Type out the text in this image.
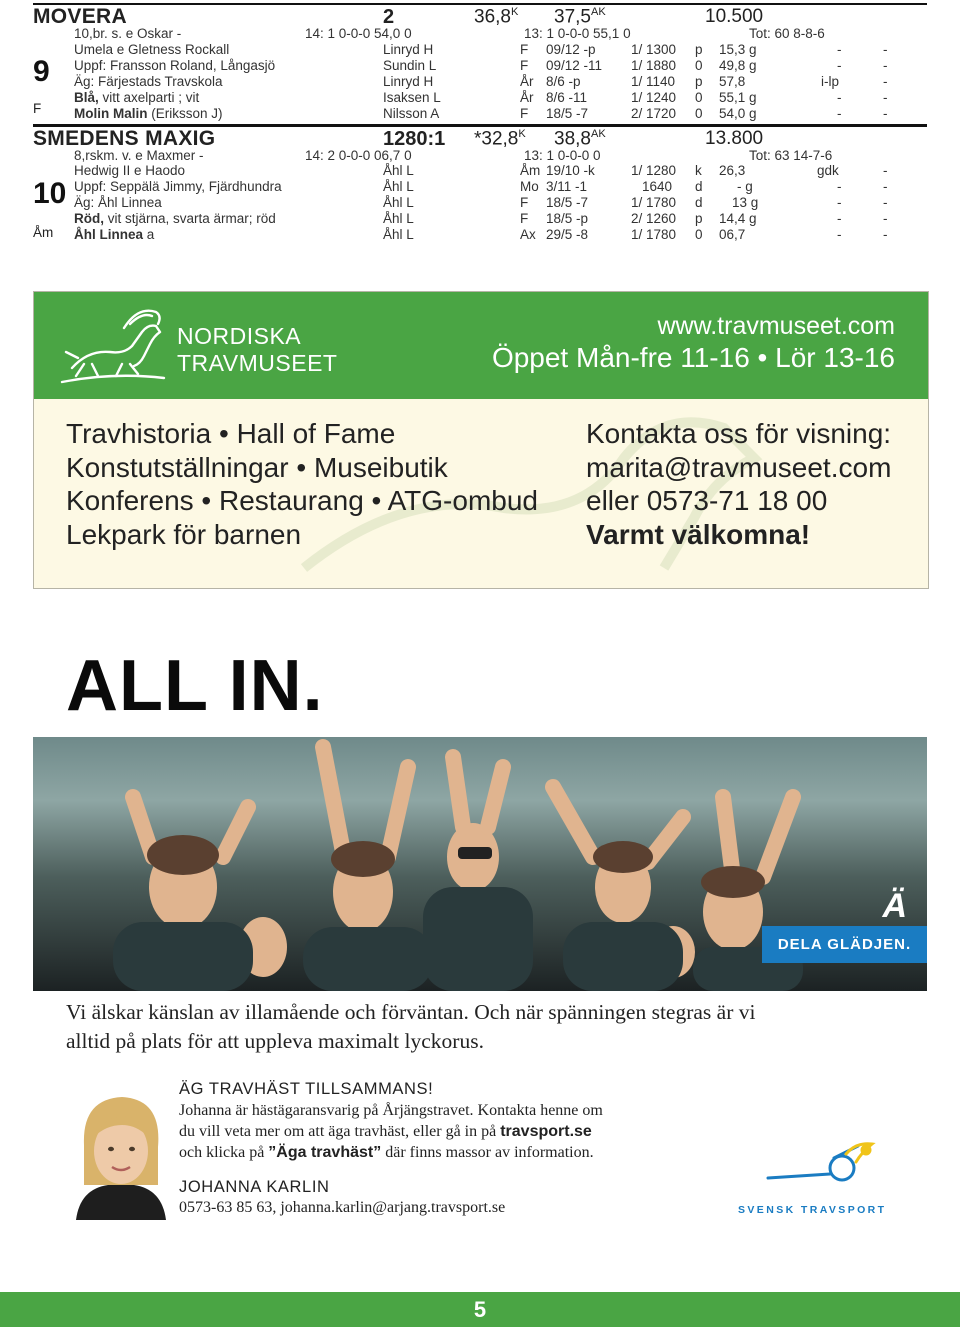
MOVERA	2	$36,8^K$ $37,5^{AK}$	10.500
9
F
10,br. s. e Oskar -	14: 1 0-0-0 54,0 0	13: 1 0-0-0 55,1 0	Tot: 60 8-8-6
Umela e Gletness Rockall	Linryd H	F 09/12 -p	1/ 1300 p 15,3 g	-	-
Uppf: Fransson Roland, Långasjö	Sundin L	F 09/12 -11 1/ 1880 0 49,8 g	-	-
Äg: Färjestads Travskola	Linryd H	År 8/6 -p	1/ 1140 p 57,8	i-lp	-
Blå, vitt axelparti ; vit	Isaksen L	År 8/6 -11	1/ 1240 0 55,1 g	-	-
Molin Malin (Eriksson J)	Nilsson A	F 18/5 -7	2/ 1720 0 54,0 g	-	-
SMEDENS MAXIG	1280:1 $*32,8^K$ $38,8^{AK}$	13.800
10
Åm
8,rskm. v. e Maxmer -	14: 2 0-0-0 06,7 0	13: 1 0-0-0 0	Tot: 63 14-7-6
Hedwig II e Haodo	Åhl L	Åm 19/10 -k	1/ 1280 k 26,3	gdk	-
Uppf: Seppälä Jimmy, Fjärdhundra	Åhl L	Mo 3/11 -1	1640 d	- g	-	-
Äg: Åhl Linnea	Åhl L	F 18/5 -7	1/ 1780 d 13 g	-	-
Röd, vit stjärna, svarta ärmar; röd	Åhl L	F 18/5 -p	2/ 1260 p 14,4 g	-	-
Åhl Linnea a	Åhl L	Ax 29/5 -8	1/ 1780 0 06,7	-	-
NORDISKA
TRAVMUSEET
www.travmuseet.com
Öppet Mån-fre 11-16 • Lör 13-16
Travhistoria • Hall of Fame
Konstutställningar • Museibutik
Konferens • Restaurang • ATG-ombud
Lekpark för barnen
Kontakta oss för visning:
marita@travmuseet.com
eller 0573-71 18 00
Varmt välkomna!
ALL IN.
DELA GLÄDJEN.
Ä
Vi älskar känslan av illamående och förväntan. Och när spänningen stegras är vi
alltid på plats för att uppleva maximalt lyckorus.
ÄG TRAVHÄST TILLSAMMANS!
Johanna är hästägaransvarig på Årjängstravet. Kontakta henne om
du vill veta mer om att äga travhäst, eller gå in på travsport.se
och klicka på ”Äga travhäst” där finns massor av information.
JOHANNA KARLIN
0573-63 85 63, johanna.karlin@arjang.travsport.se	SVENSK TRAVSPORT
5
